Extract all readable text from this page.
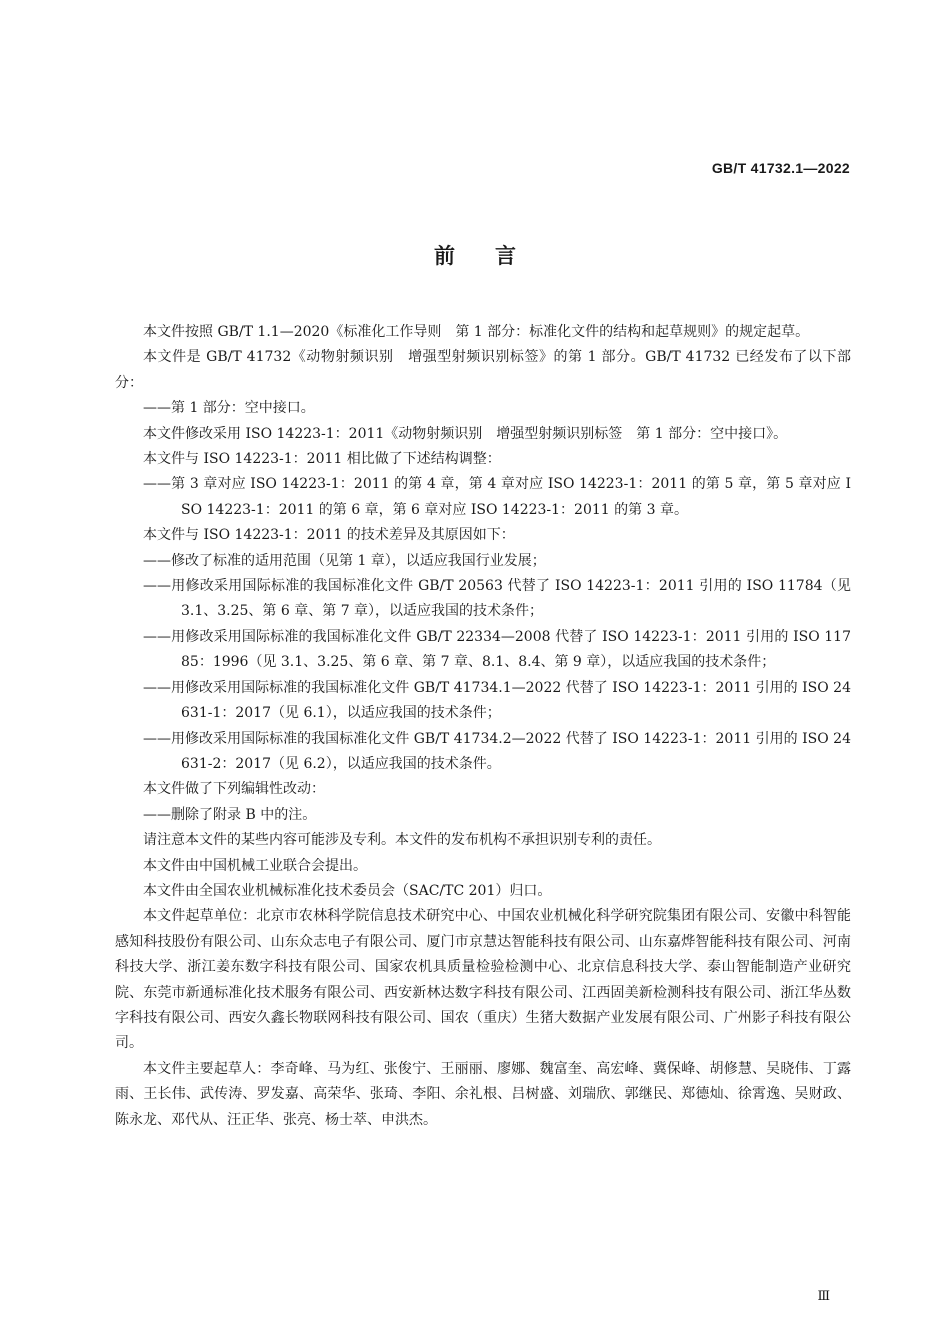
GB/T 41732.1—2022
前言

本文件按照 GB/T 1.1—2020《标准化工作导则　第 1 部分：标准化文件的结构和起草规则》的规定起草。

本文件是 GB/T 41732《动物射频识别　增强型射频识别标签》的第 1 部分。GB/T 41732 已经发布了以下部分：

——第 1 部分：空中接口。

本文件修改采用 ISO 14223-1：2011《动物射频识别　增强型射频识别标签　第 1 部分：空中接口》。

本文件与 ISO 14223-1：2011 相比做了下述结构调整：

——第 3 章对应 ISO 14223-1：2011 的第 4 章，第 4 章对应 ISO 14223-1：2011 的第 5 章，第 5 章对应 ISO 14223-1：2011 的第 6 章，第 6 章对应 ISO 14223-1：2011 的第 3 章。

本文件与 ISO 14223-1：2011 的技术差异及其原因如下：

——修改了标准的适用范围（见第 1 章），以适应我国行业发展；

——用修改采用国际标准的我国标准化文件 GB/T 20563 代替了 ISO 14223-1：2011 引用的 ISO 11784（见 3.1、3.25、第 6 章、第 7 章），以适应我国的技术条件；

——用修改采用国际标准的我国标准化文件 GB/T 22334—2008 代替了 ISO 14223-1：2011 引用的 ISO 11785：1996（见 3.1、3.25、第 6 章、第 7 章、8.1、8.4、第 9 章），以适应我国的技术条件；

——用修改采用国际标准的我国标准化文件 GB/T 41734.1—2022 代替了 ISO 14223-1：2011 引用的 ISO 24631-1：2017（见 6.1），以适应我国的技术条件；

——用修改采用国际标准的我国标准化文件 GB/T 41734.2—2022 代替了 ISO 14223-1：2011 引用的 ISO 24631-2：2017（见 6.2），以适应我国的技术条件。

本文件做了下列编辑性改动：

——删除了附录 B 中的注。

请注意本文件的某些内容可能涉及专利。本文件的发布机构不承担识别专利的责任。

本文件由中国机械工业联合会提出。

本文件由全国农业机械标准化技术委员会（SAC/TC 201）归口。

本文件起草单位：北京市农林科学院信息技术研究中心、中国农业机械化科学研究院集团有限公司、安徽中科智能感知科技股份有限公司、山东众志电子有限公司、厦门市京慧达智能科技有限公司、山东嘉烨智能科技有限公司、河南科技大学、浙江姜东数字科技有限公司、国家农机具质量检验检测中心、北京信息科技大学、泰山智能制造产业研究院、东莞市新通标准化技术服务有限公司、西安新林达数字科技有限公司、江西固美新检测科技有限公司、浙江华丛数字科技有限公司、西安久鑫长物联网科技有限公司、国农（重庆）生猪大数据产业发展有限公司、广州影子科技有限公司。

本文件主要起草人：李奇峰、马为红、张俊宁、王丽丽、廖娜、魏富奎、高宏峰、冀保峰、胡修慧、吴晓伟、丁露雨、王长伟、武传涛、罗发嘉、高荣华、张琦、李阳、余礼根、吕树盛、刘瑞欣、郭继民、郑德灿、徐霄逸、吴财政、陈永龙、邓代从、汪正华、张亮、杨士萃、申洪杰。

Ⅲ
